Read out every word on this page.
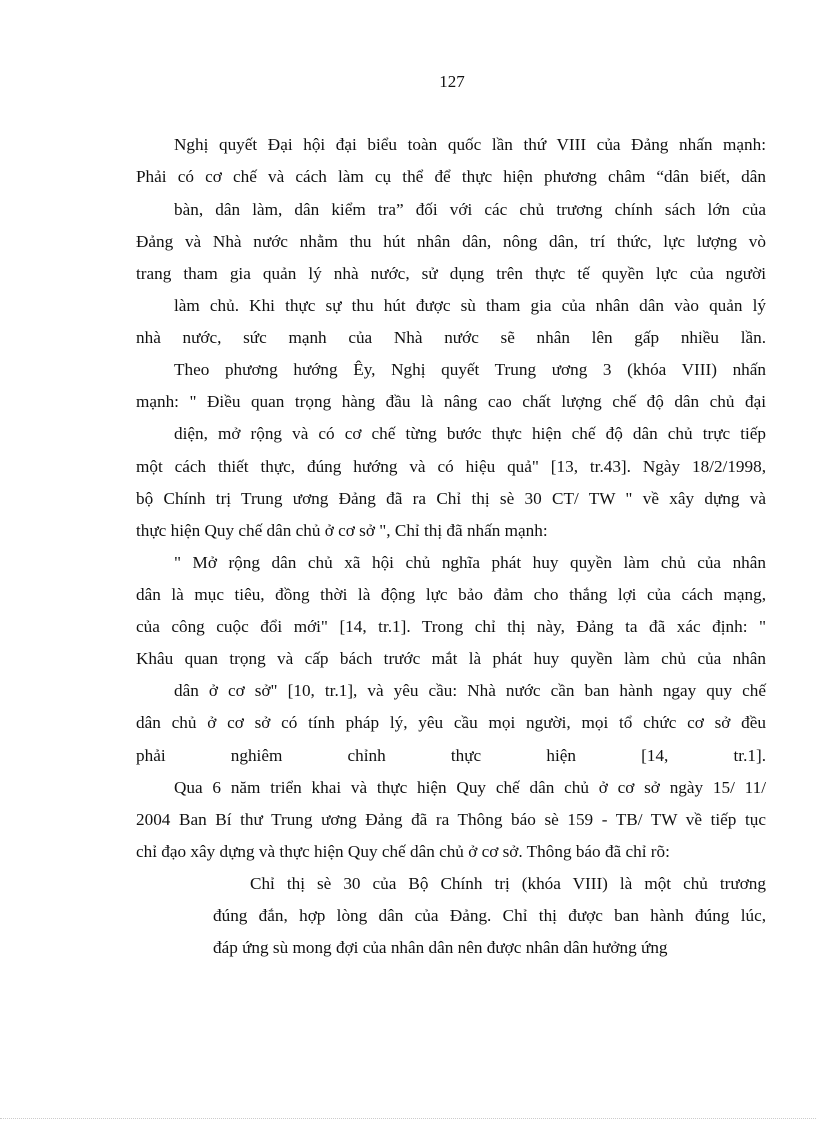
127
Nghị quyết Đại hội đại biểu toàn quốc lần thứ VIII của Đảng nhấn mạnh:
Phải có cơ chế và cách làm cụ thể để thực hiện phương châm “dân biết, dân
bàn, dân làm, dân kiểm tra” đối với các chủ trương chính sách lớn của
Đảng và Nhà nước nhằm thu hút nhân dân, nông dân, trí thức, lực lượng vò
trang tham gia quản lý nhà nước, sử dụng trên thực tế quyền lực của người
làm chủ. Khi thực sự thu hút được sù tham gia của nhân dân vào quản lý
nhà nước, sức mạnh của Nhà nước sẽ nhân lên gấp nhiều lần.
Theo phương hướng Êy, Nghị quyết Trung ương 3 (khóa VIII) nhấn
mạnh: " Điều quan trọng hàng đầu là nâng cao chất lượng chế độ dân chủ đại
diện, mở rộng và có cơ chế từng bước thực hiện chế độ dân chủ trực tiếp
một cách thiết thực, đúng hướng và có hiệu quả" [13, tr.43]. Ngày 18/2/1998,
bộ Chính trị Trung ương Đảng đã ra Chỉ thị sè 30 CT/ TW " về xây dựng và
thực hiện Quy chế dân chủ ở cơ sở ", Chỉ thị đã nhấn mạnh:
" Mở rộng dân chủ xã hội chủ nghĩa phát huy quyền làm chủ của nhân
dân là mục tiêu, đồng thời là động lực bảo đảm cho thắng lợi của cách mạng,
của công cuộc đổi mới" [14, tr.1]. Trong chỉ thị này, Đảng ta đã xác định: "
Khâu quan trọng và cấp bách trước mắt là phát huy quyền làm chủ của nhân
dân ở cơ sở" [10, tr.1], và yêu cầu: Nhà nước cần ban hành ngay quy chế
dân chủ ở cơ sở có tính pháp lý, yêu cầu mọi người, mọi tổ chức cơ sở đều
phải nghiêm chỉnh thực hiện [14, tr.1].
Qua 6 năm triển khai và thực hiện Quy chế dân chủ ở cơ sở ngày 15/ 11/
2004 Ban Bí thư Trung ương Đảng đã ra Thông báo sè 159 - TB/ TW về tiếp tục
chỉ đạo xây dựng và thực hiện Quy chế dân chủ ở cơ sở. Thông báo đã chỉ rõ:
Chỉ thị sè 30 của Bộ Chính trị (khóa VIII) là một chủ trương
đúng đắn, hợp lòng dân của Đảng. Chỉ thị được ban hành đúng lúc,
đáp ứng sù mong đợi của nhân dân nên được nhân dân hưởng ứng
